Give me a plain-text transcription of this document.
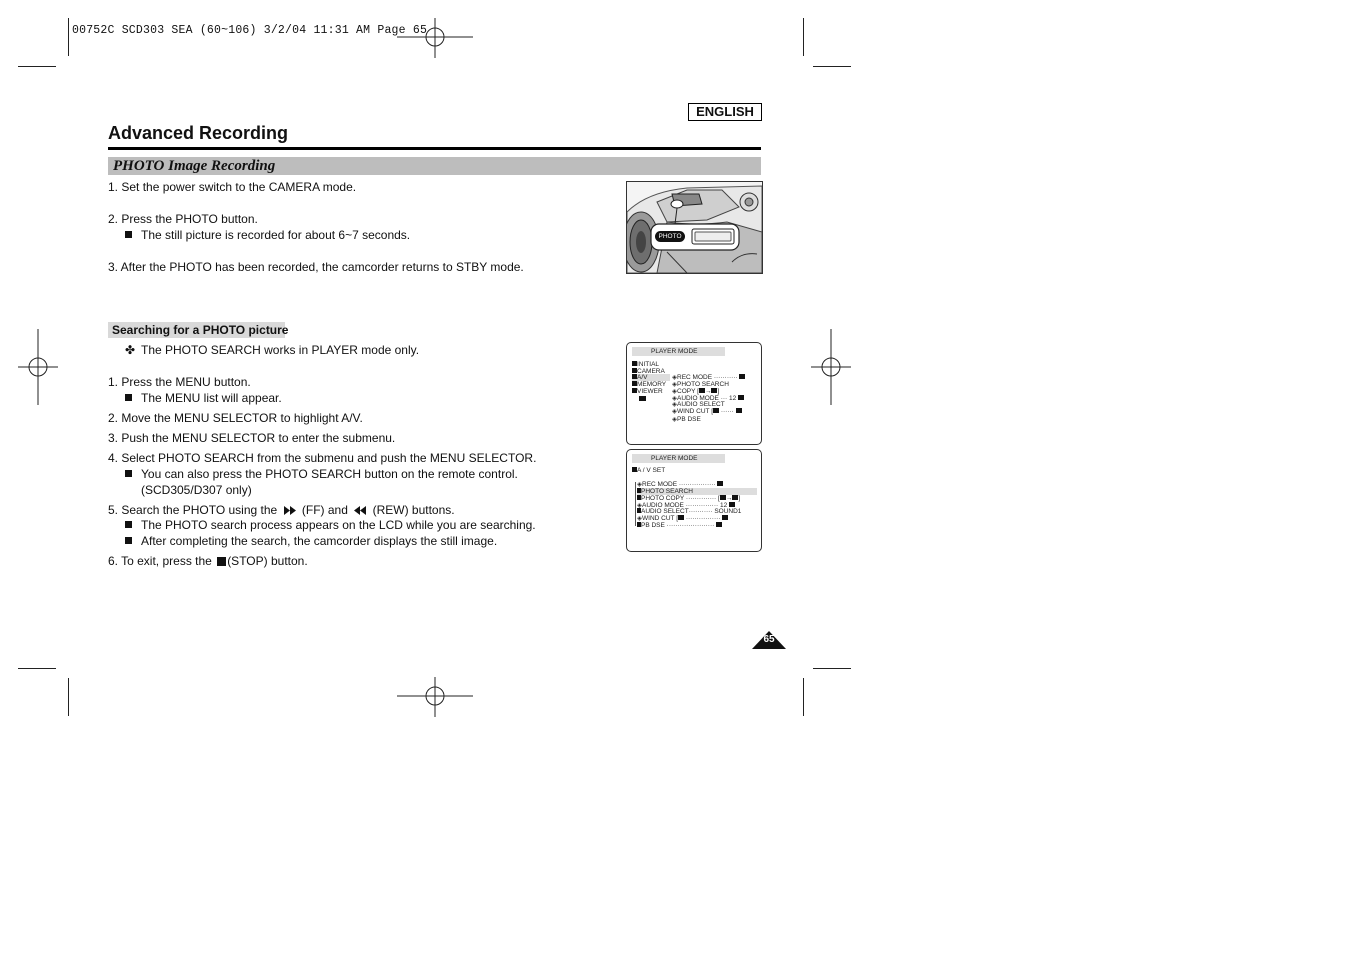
00752C SCD303 SEA (60~106) 3/2/04 11:31 AM Page 65
ENGLISH
Advanced Recording
PHOTO Image Recording
1. Set the power switch to the CAMERA mode.
2. Press the PHOTO button.
The still picture is recorded for about 6~7 seconds.
3. After the PHOTO has been recorded, the camcorder returns to STBY mode.
PHOTO
Searching for a PHOTO picture
✤ The PHOTO SEARCH works in PLAYER mode only.
1. Press the MENU button.
The MENU list will appear.
2. Move the MENU SELECTOR to highlight A/V.
3. Push the MENU SELECTOR to enter the submenu.
4. Select PHOTO SEARCH from the submenu and push the MENU SELECTOR.
You can also press the PHOTO SEARCH button on the remote control.
(SCD305/D307 only)
5. Search the PHOTO using the (FF) and (REW) buttons.
The PHOTO search process appears on the LCD while you are searching.
After completing the search, the camcorder displays the still image.
6. To exit, press the (STOP) button.
PLAYER MODE
INITIAL
CAMERA
A/V
MEMORY
VIEWER
◈REC MODE ···········
◈PHOTO SEARCH
◈COPY [ → ]
◈AUDIO MODE ··· 12
◈AUDIO SELECT
◈WIND CUT [ ······
◈PB DSE
PLAYER MODE
A / V SET
◈REC MODE ·················
PHOTO SEARCH
PHOTO COPY ·············· [ → ]
◈AUDIO MODE ··············· 12
AUDIO SELECT··········· SOUND1
◈WIND CUT [ ················
PB DSE ······················
65
